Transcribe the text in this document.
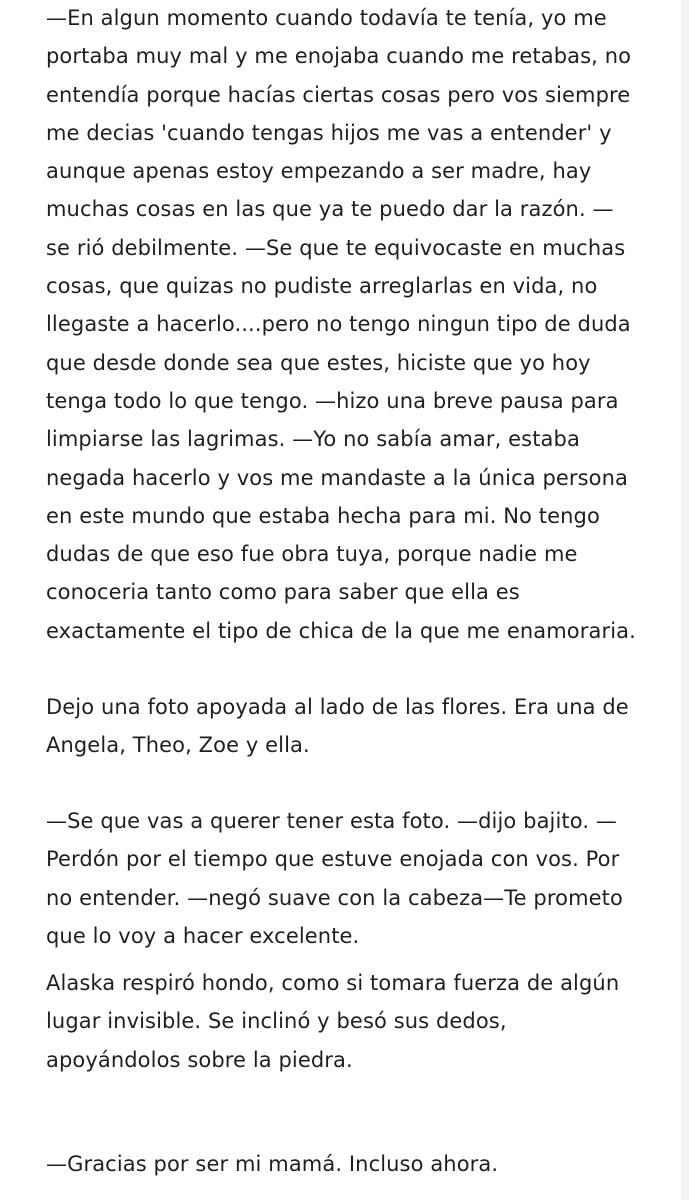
—En algun momento cuando todavía te tenía, yo me
portaba muy mal y me enojaba cuando me retabas, no
entendía porque hacías ciertas cosas pero vos siempre
me decias 'cuando tengas hijos me vas a entender' y
aunque apenas estoy empezando a ser madre, hay
muchas cosas en las que ya te puedo dar la razón. —
se rió debilmente. —Se que te equivocaste en muchas
cosas, que quizas no pudiste arreglarlas en vida, no
llegaste a hacerlo....pero no tengo ningun tipo de duda
que desde donde sea que estes, hiciste que yo hoy
tenga todo lo que tengo. —hizo una breve pausa para
limpiarse las lagrimas. —Yo no sabía amar, estaba
negada hacerlo y vos me mandaste a la única persona
en este mundo que estaba hecha para mi. No tengo
dudas de que eso fue obra tuya, porque nadie me
conoceria tanto como para saber que ella es
exactamente el tipo de chica de la que me enamoraria.
Dejo una foto apoyada al lado de las flores. Era una de
Angela, Theo, Zoe y ella.
—Se que vas a querer tener esta foto. —dijo bajito. —
Perdón por el tiempo que estuve enojada con vos. Por
no entender. —negó suave con la cabeza—Te prometo
que lo voy a hacer excelente.
Alaska respiró hondo, como si tomara fuerza de algún
lugar invisible. Se inclinó y besó sus dedos,
apoyándolos sobre la piedra.
—Gracias por ser mi mamá. Incluso ahora.
